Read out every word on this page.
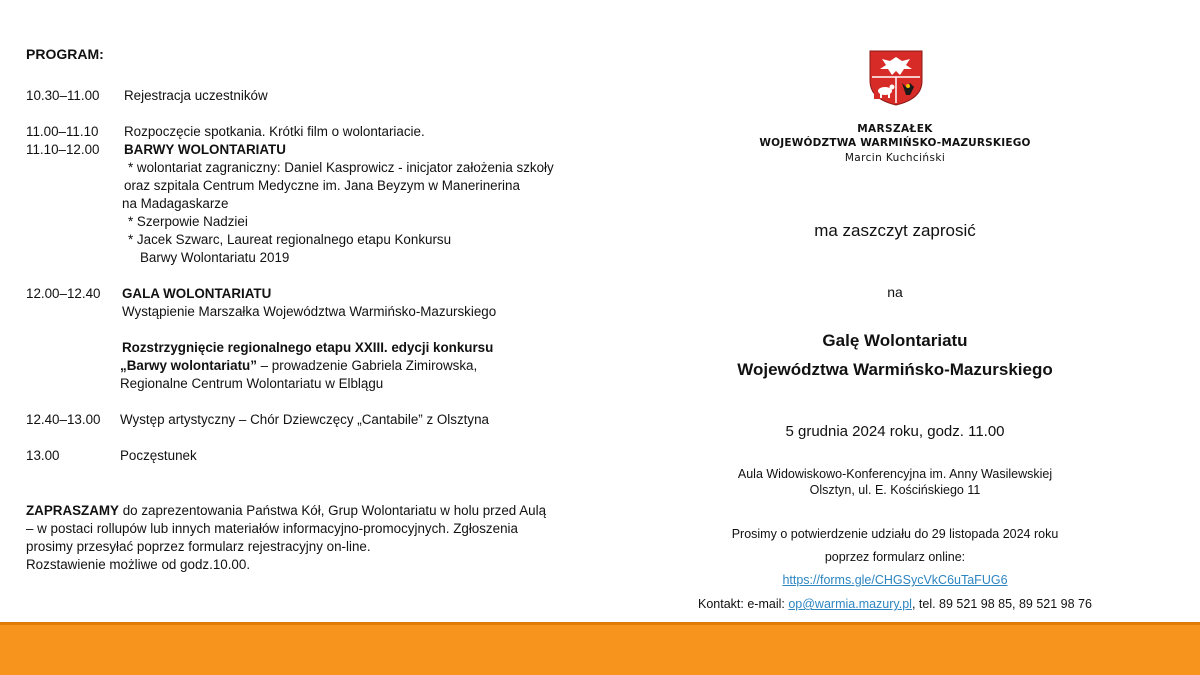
PROGRAM:
10.30–11.00 Rejestracja uczestników
11.00–11.10 Rozpoczęcie spotkania. Krótki film o wolontariacie.
11.10–12.00 BARWY WOLONTARIATU
* wolontariat zagraniczny: Daniel Kasprowicz - inicjator założenia szkoły
oraz szpitala Centrum Medyczne im. Jana Beyzym w Manerinerina
na Madagaskarze
* Szerpowie Nadziei
* Jacek Szwarc, Laureat regionalnego etapu Konkursu
Barwy Wolontariatu 2019
12.00–12.40 GALA WOLONTARIATU
Wystąpienie Marszałka Województwa Warmińsko-Mazurskiego
Rozstrzygnięcie regionalnego etapu XXIII. edycji konkursu
„Barwy wolontariatu” – prowadzenie Gabriela Zimirowska,
Regionalne Centrum Wolontariatu w Elblągu
12.40–13.00 Występ artystyczny – Chór Dziewczęcy „Cantabile” z Olsztyna
13.00	Poczęstunek
ZAPRASZAMY do zaprezentowania Państwa Kół, Grup Wolontariatu w holu przed Aulą
– w postaci rollupów lub innych materiałów informacyjno-promocyjnych. Zgłoszenia
prosimy przesyłać poprzez formularz rejestracyjny on-line.
Rozstawienie możliwe od godz.10.00.
MARSZAŁEK
WOJEWÓDZTWA WARMIŃSKO-MAZURSKIEGO
Marcin Kuchciński
ma zaszczyt zaprosić
na
Galę Wolontariatu
Województwa Warmińsko-Mazurskiego
5 grudnia 2024 roku, godz. 11.00
Aula Widowiskowo-Konferencyjna im. Anny Wasilewskiej
Olsztyn, ul. E. Kościńskiego 11
Prosimy o potwierdzenie udziału do 29 listopada 2024 roku
poprzez formularz online:
https://forms.gle/CHGSycVkC6uTaFUG6
Kontakt: e-mail: op@warmia.mazury.pl, tel. 89 521 98 85, 89 521 98 76
